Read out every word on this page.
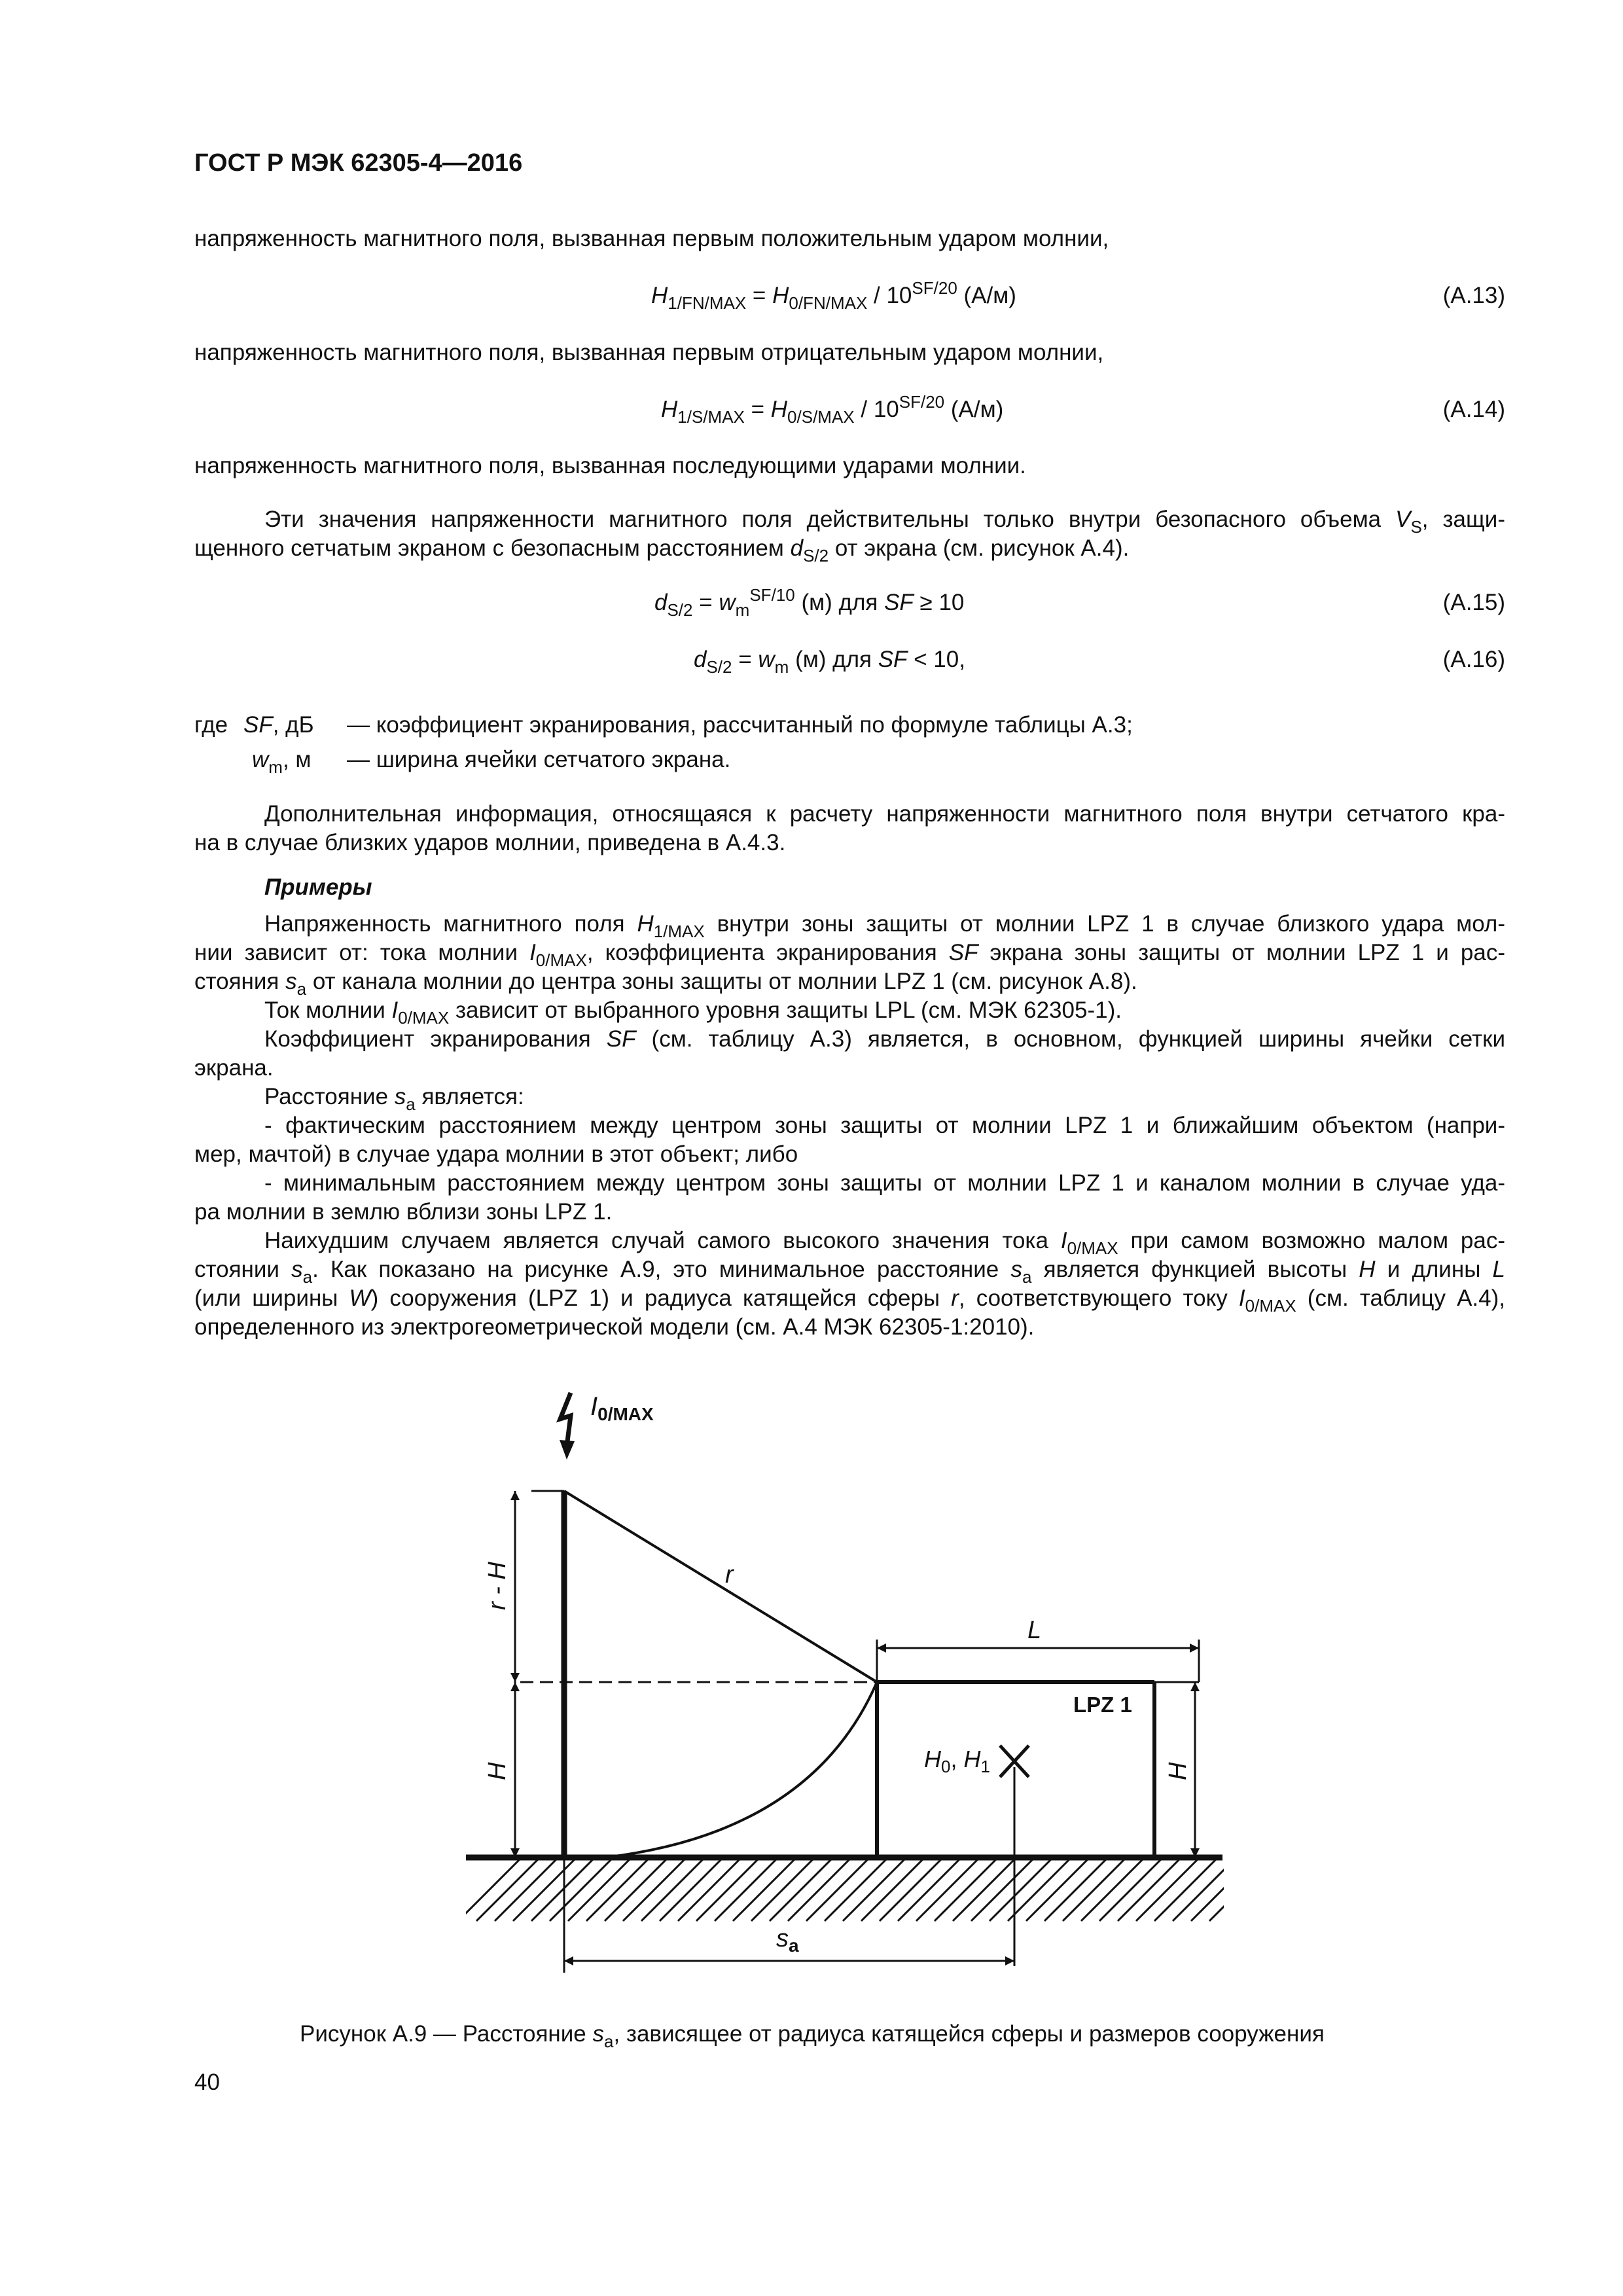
ГОСТ Р МЭК 62305-4—2016
напряженность магнитного поля, вызванная первым положительным ударом молнии,
$H_{1/FN/MAX} = H_{0/FN/MAX} / 10^{SF/20}$ (А/м)	(А.13)
напряженность магнитного поля, вызванная первым отрицательным ударом молнии,
$H_{1/S/MAX} = H_{0/S/MAX} / 10^{SF/20}$ (А/м)	(А.14)
напряженность магнитного поля, вызванная последующими ударами молнии.
Эти значения напряженности магнитного поля действительны только внутри безопасного объема $V_S$, защи-
щенного сетчатым экраном с безопасным расстоянием $d_{S/2}$ от экрана (см. рисунок А.4).
$d_{S/2} = w_m^{SF/10}$ (м) для SF ≥ 10	(А.15)
$d_{S/2} = w_m$ (м) для SF < 10,	(А.16)
где SF, дБ — коэффициент экранирования, рассчитанный по формуле таблицы А.3;
$w_m$, м — ширина ячейки сетчатого экрана.
Дополнительная информация, относящаяся к расчету напряженности магнитного поля внутри сетчатого кра-
на в случае близких ударов молнии, приведена в А.4.3.
Примеры
Напряженность магнитного поля $H_{1/MAX}$ внутри зоны защиты от молнии LPZ 1 в случае близкого удара мол-
нии зависит от: тока молнии $I_{0/MAX}$, коэффициента экранирования SF экрана зоны защиты от молнии LPZ 1 и рас-
стояния $s_a$ от канала молнии до центра зоны защиты от молнии LPZ 1 (см. рисунок А.8).
Ток молнии $I_{0/MAX}$ зависит от выбранного уровня защиты LPL (см. МЭК 62305-1).
Коэффициент экранирования SF (см. таблицу А.3) является, в основном, функцией ширины ячейки сетки
экрана.
Расстояние $s_a$ является:
- фактическим расстоянием между центром зоны защиты от молнии LPZ 1 и ближайшим объектом (напри-
мер, мачтой) в случае удара молнии в этот объект; либо
- минимальным расстоянием между центром зоны защиты от молнии LPZ 1 и каналом молнии в случае уда-
ра молнии в землю вблизи зоны LPZ 1.
Наихудшим случаем является случай самого высокого значения тока $I_{0/MAX}$ при самом возможно малом рас-
стоянии $s_a$. Как показано на рисунке А.9, это минимальное расстояние $s_a$ является функцией высоты H и длины L
(или ширины W) сооружения (LPZ 1) и радиуса катящейся сферы r, соответствующего току $I_{0/MAX}$ (см. таблицу А.4),
определенного из электрогеометрической модели (см. А.4 МЭК 62305-1:2010).
$I_{0/MAX}$
r
r - H
H	H
L
LPZ 1
$H_0$, $H_1$
$s_a$
Рисунок А.9 — Расстояние $s_a$, зависящее от радиуса катящейся сферы и размеров сооружения
40
